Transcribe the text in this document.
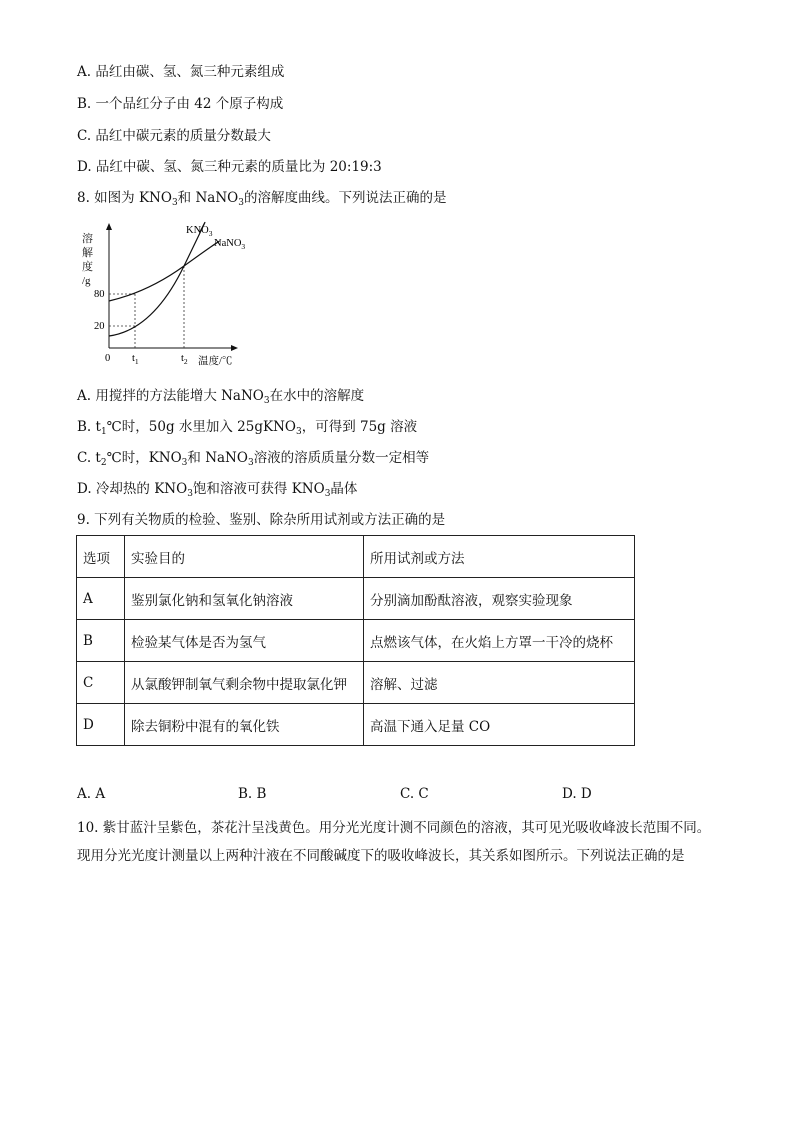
A. 品红由碳、氢、氮三种元素组成
B. 一个品红分子由 42 个原子构成
C. 品红中碳元素的质量分数最大
D. 品红中碳、氢、氮三种元素的质量比为 20:19:3
8. 如图为 $KNO_3$和 NaNO$_3$的溶解度曲线。下列说法正确的是
溶
解
度
/g
80
20
0
$KNO_3$
NaNO$_3$
$t_1$	$t_2$ 温度/℃
A. 用搅拌的方法能增大 NaNO$_3$在水中的溶解度
B. $t_1℃$时，50g 水里加入 25gKNO$_3$，可得到 75g 溶液
C. $t_2℃$时，$KNO_3$和 NaNO$_3$溶液的溶质质量分数一定相等
D. 冷却热的 $KNO_3$饱和溶液可获得 $KNO_3$晶体
9. 下列有关物质的检验、鉴别、除杂所用试剂或方法正确的是
选项	实验目的	所用试剂或方法
A	鉴别氯化钠和氢氧化钠溶液	分别滴加酚酞溶液，观察实验现象
B	检验某气体是否为氢气	点燃该气体，在火焰上方罩一干冷的烧杯
C	从氯酸钾制氧气剩余物中提取氯化钾	溶解、过滤
D	除去铜粉中混有的氧化铁	高温下通入足量 CO
A. A	B. B	C. C	D. D
10. 紫甘蓝汁呈紫色，茶花汁呈浅黄色。用分光光度计测不同颜色的溶液，其可见光吸收峰波长范围不同。现用分光光度计测量以上两种汁液在不同酸碱度下的吸收峰波长，其关系如图所示。下列说法正确的是
